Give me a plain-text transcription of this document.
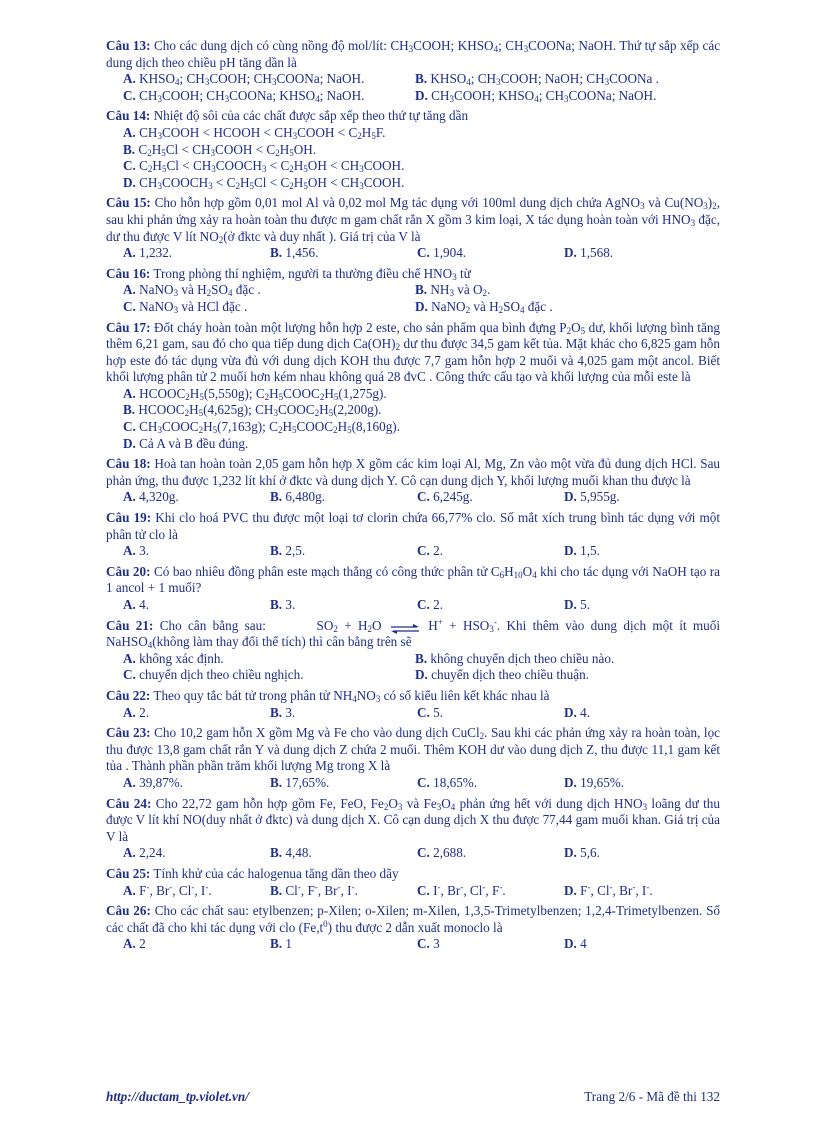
Câu 13: Cho các dung dịch có cùng nồng độ mol/lít: $CH_3COOH$; $KHSO_4$; $CH_3COONa$; NaOH. Thứ tự sắp xếp các dung dịch theo chiều pH tăng dần là
A. $KHSO_4$; $CH_3COOH$; $CH_3COONa$; NaOH.	B. $KHSO_4$; $CH_3COOH$; NaOH; $CH_3COONa$ .
C. $CH_3COOH$; $CH_3COONa$; $KHSO_4$; NaOH.	D. $CH_3COOH$; $KHSO_4$; $CH_3COONa$; NaOH.
Câu 14: Nhiệt độ sôi của các chất được sắp xếp theo thứ tự tăng dần
A. $CH_3COOH$ < HCOOH < $CH_3COOH < C_2H_5F$.
B. $C_2H_5Cl$ < $CH_3COOH < C_2H_5OH$.
C. $C_2H_5Cl$ < $CH_3COOCH_3 < C_2H_5OH$ < $CH_3COOH$.
D. $CH_3COOCH_3 < C_2H_5Cl < C_2H_5OH$ < $CH_3COOH$.
Câu 15: Cho hỗn hợp gồm 0,01 mol Al và 0,02 mol Mg tác dụng với 100ml dung dịch chứa AgNO$_3$ và $Cu(NO_3)_2$, sau khi phản ứng xảy ra hoàn toàn thu được m gam chất rắn X gồm 3 kim loại, X tác dụng hoàn toàn với $HNO_3$ đặc, dư thu được V lít $NO_2(ở$ đktc và duy nhất ). Giá trị của V là
A. 1,232.	B. 1,456.	C. 1,904.	D. 1,568.
Câu 16: Trong phòng thí nghiệm, người ta thường điều chế $HNO_3$ từ
A. NaNO$_3$ và $H_2SO_4$ đặc .	B. $NH_3$ và $O_2$.
C. NaNO$_3$ và HCl đặc .	D. NaNO$_2$ và $H_2SO_4$ đặc .
Câu 17: Đốt cháy hoàn toàn một lượng hỗn hợp 2 este, cho sản phẩm qua bình đựng $P_2O_5$ dư, khối lượng bình tăng thêm 6,21 gam, sau đó cho qua tiếp dung dịch $Ca(OH)_2$ dư thu được 34,5 gam kết tủa. Mặt khác cho 6,825 gam hỗn hợp este đó tác dụng vừa đủ với dung dịch KOH thu được 7,7 gam hỗn hợp 2 muối và 4,025 gam một ancol. Biết khối lượng phân tử 2 muối hơn kém nhau không quá 28 đvC . Công thức cấu tạo và khối lượng của mỗi este là
A. $HCOOC_2H_5(5,550g)$; $C_2H_5COOC_2H_5(1,275g)$.
B. $HCOOC_2H_5(4,625g)$; $CH_3COOC_2H_5(2,200g)$.
C. $CH_3COOC_2H_5(7,163g)$; $C_2H_5COOC_2H_5(8,160g)$.
D. Cả A và B đều đúng.
Câu 18: Hoà tan hoàn toàn 2,05 gam hỗn hợp X gồm các kim loại Al, Mg, Zn vào một vừa đủ dung dịch HCl. Sau phản ứng, thu được 1,232 lít khí ở đktc và dung dịch Y. Cô cạn dung dịch Y, khối lượng muối khan thu được là
A. 4,320g.	B. 6,480g.	C. 6,245g.	D. 5,955g.
Câu 19: Khi clo hoá PVC thu được một loại tơ clorin chứa 66,77% clo. Số mắt xích trung bình tác dụng với một phân tử clo là
A. 3.	B. 2,5.	C. 2.	D. 1,5.
Câu 20: Có bao nhiêu đồng phân este mạch thẳng có công thức phân tử $C_6H_{10}O_4$ khi cho tác dụng với NaOH tạo ra 1 ancol + 1 muối?
A. 4.	B. 3.	C. 2.	D. 5.
Câu 21: Cho cân bằng sau:        $SO_2 + H_2O$ ⇌ $H^+ + HSO_3^-$. Khi thêm vào dung dịch một ít muối NaHSO$_4$(không làm thay đổi thể tích) thì cân bằng trên sẽ
A. không xác định.	B. không chuyển dịch theo chiều nào.
C. chuyển dịch theo chiều nghịch.	D. chuyển dịch theo chiều thuận.
Câu 22: Theo quy tắc bát tử trong phân tử $NH_4NO_3$ có số kiểu liên kết khác nhau là
A. 2.	B. 3.	C. 5.	D. 4.
Câu 23: Cho 10,2 gam hỗn X gồm Mg và Fe cho vào dung dịch CuCl$_2$. Sau khi các phản ứng xảy ra hoàn toàn, lọc thu được 13,8 gam chất rắn Y và dung dịch Z chứa 2 muối. Thêm KOH dư vào dung dịch Z, thu được 11,1 gam kết tủa . Thành phần phần trăm khối lượng Mg trong X là
A. 39,87%.	B. 17,65%.	C. 18,65%.	D. 19,65%.
Câu 24: Cho 22,72 gam hỗn hợp gồm Fe, FeO, $Fe_2O_3$ và $Fe_3O_4$ phản ứng hết với dung dịch $HNO_3$ loãng dư thu được V lít khí NO(duy nhất ở đktc) và dung dịch X. Cô cạn dung dịch X thu được 77,44 gam muối khan. Giá trị của V là
A. 2,24.	B. 4,48.	C. 2,688.	D. 5,6.
Câu 25: Tính khử của các halogenua tăng dần theo dãy
A. F-, Br-, Cl-, I-.	B. Cl-, F-, Br-, I-.	C. I-, Br-, Cl-, F-.	D. F-, Cl-, Br-, I-.
Câu 26: Cho các chất sau: etylbenzen; p-Xilen; o-Xilen; m-Xilen, 1,3,5-Trimetylbenzen; 1,2,4-Trimetylbenzen. Số các chất đã cho khi tác dụng với clo $(Fe,t^0)$ thu được 2 dẫn xuất monoclo là
A. 2	B. 1	C. 3	D. 4
http://ductam_tp.violet.vn/	Trang 2/6 - Mã đề thi 132
